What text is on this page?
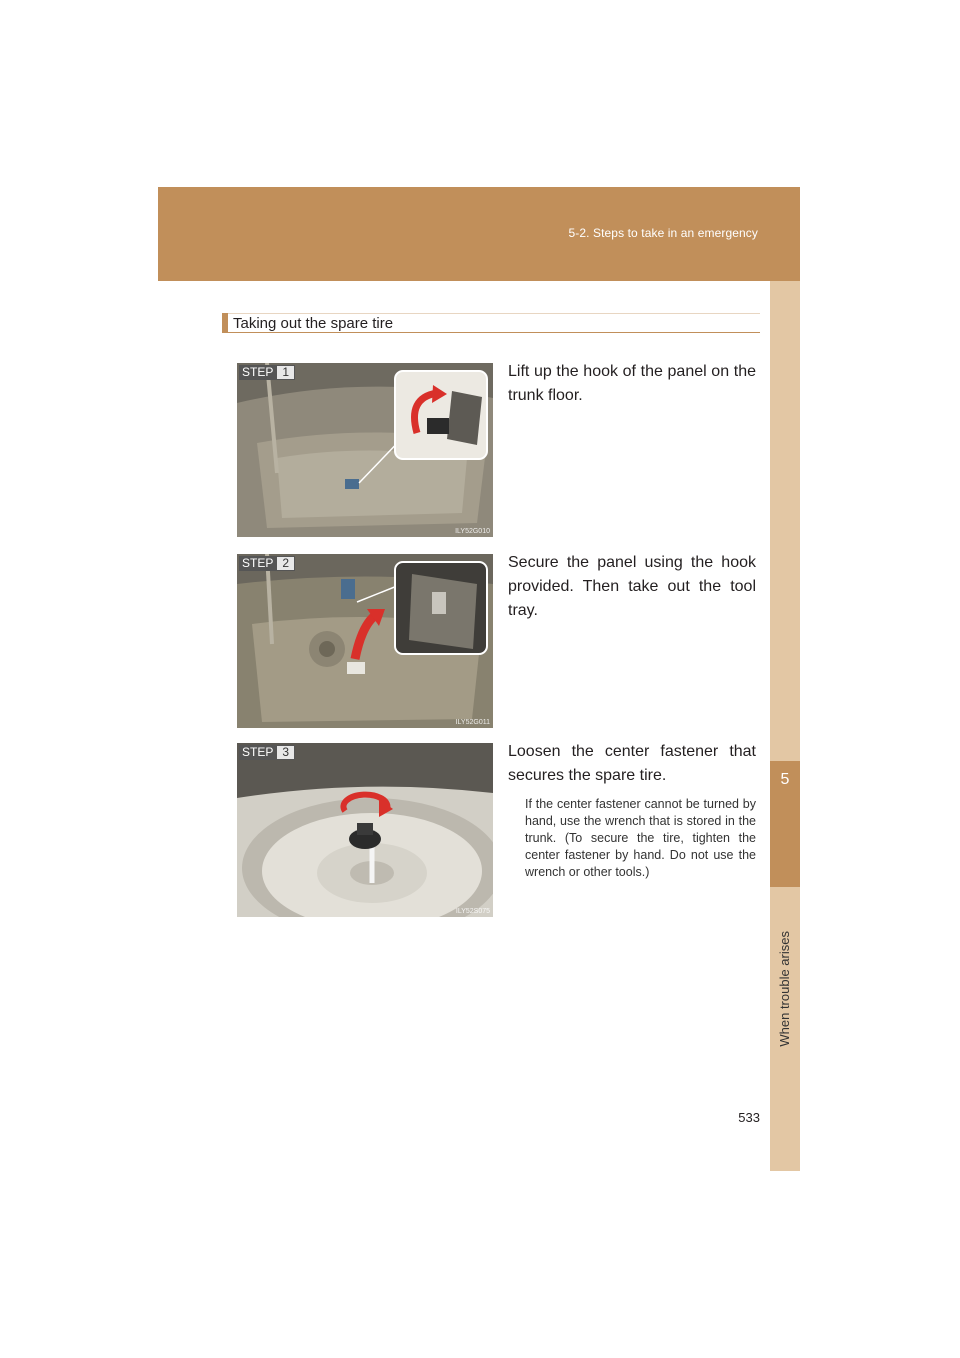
5-2. Steps to take in an emergency
5
When trouble arises
Taking out the spare tire
STEP 1
ILY52G010
Lift up the hook of the panel on the trunk floor.
STEP 2
ILY52G011
Secure the panel using the hook provided. Then take out the tool tray.
STEP 3
ILY52S075
Loosen the center fastener that secures the spare tire.
If the center fastener cannot be turned by hand, use the wrench that is stored in the trunk. (To secure the tire, tighten the center fastener by hand. Do not use the wrench or other tools.)
533
